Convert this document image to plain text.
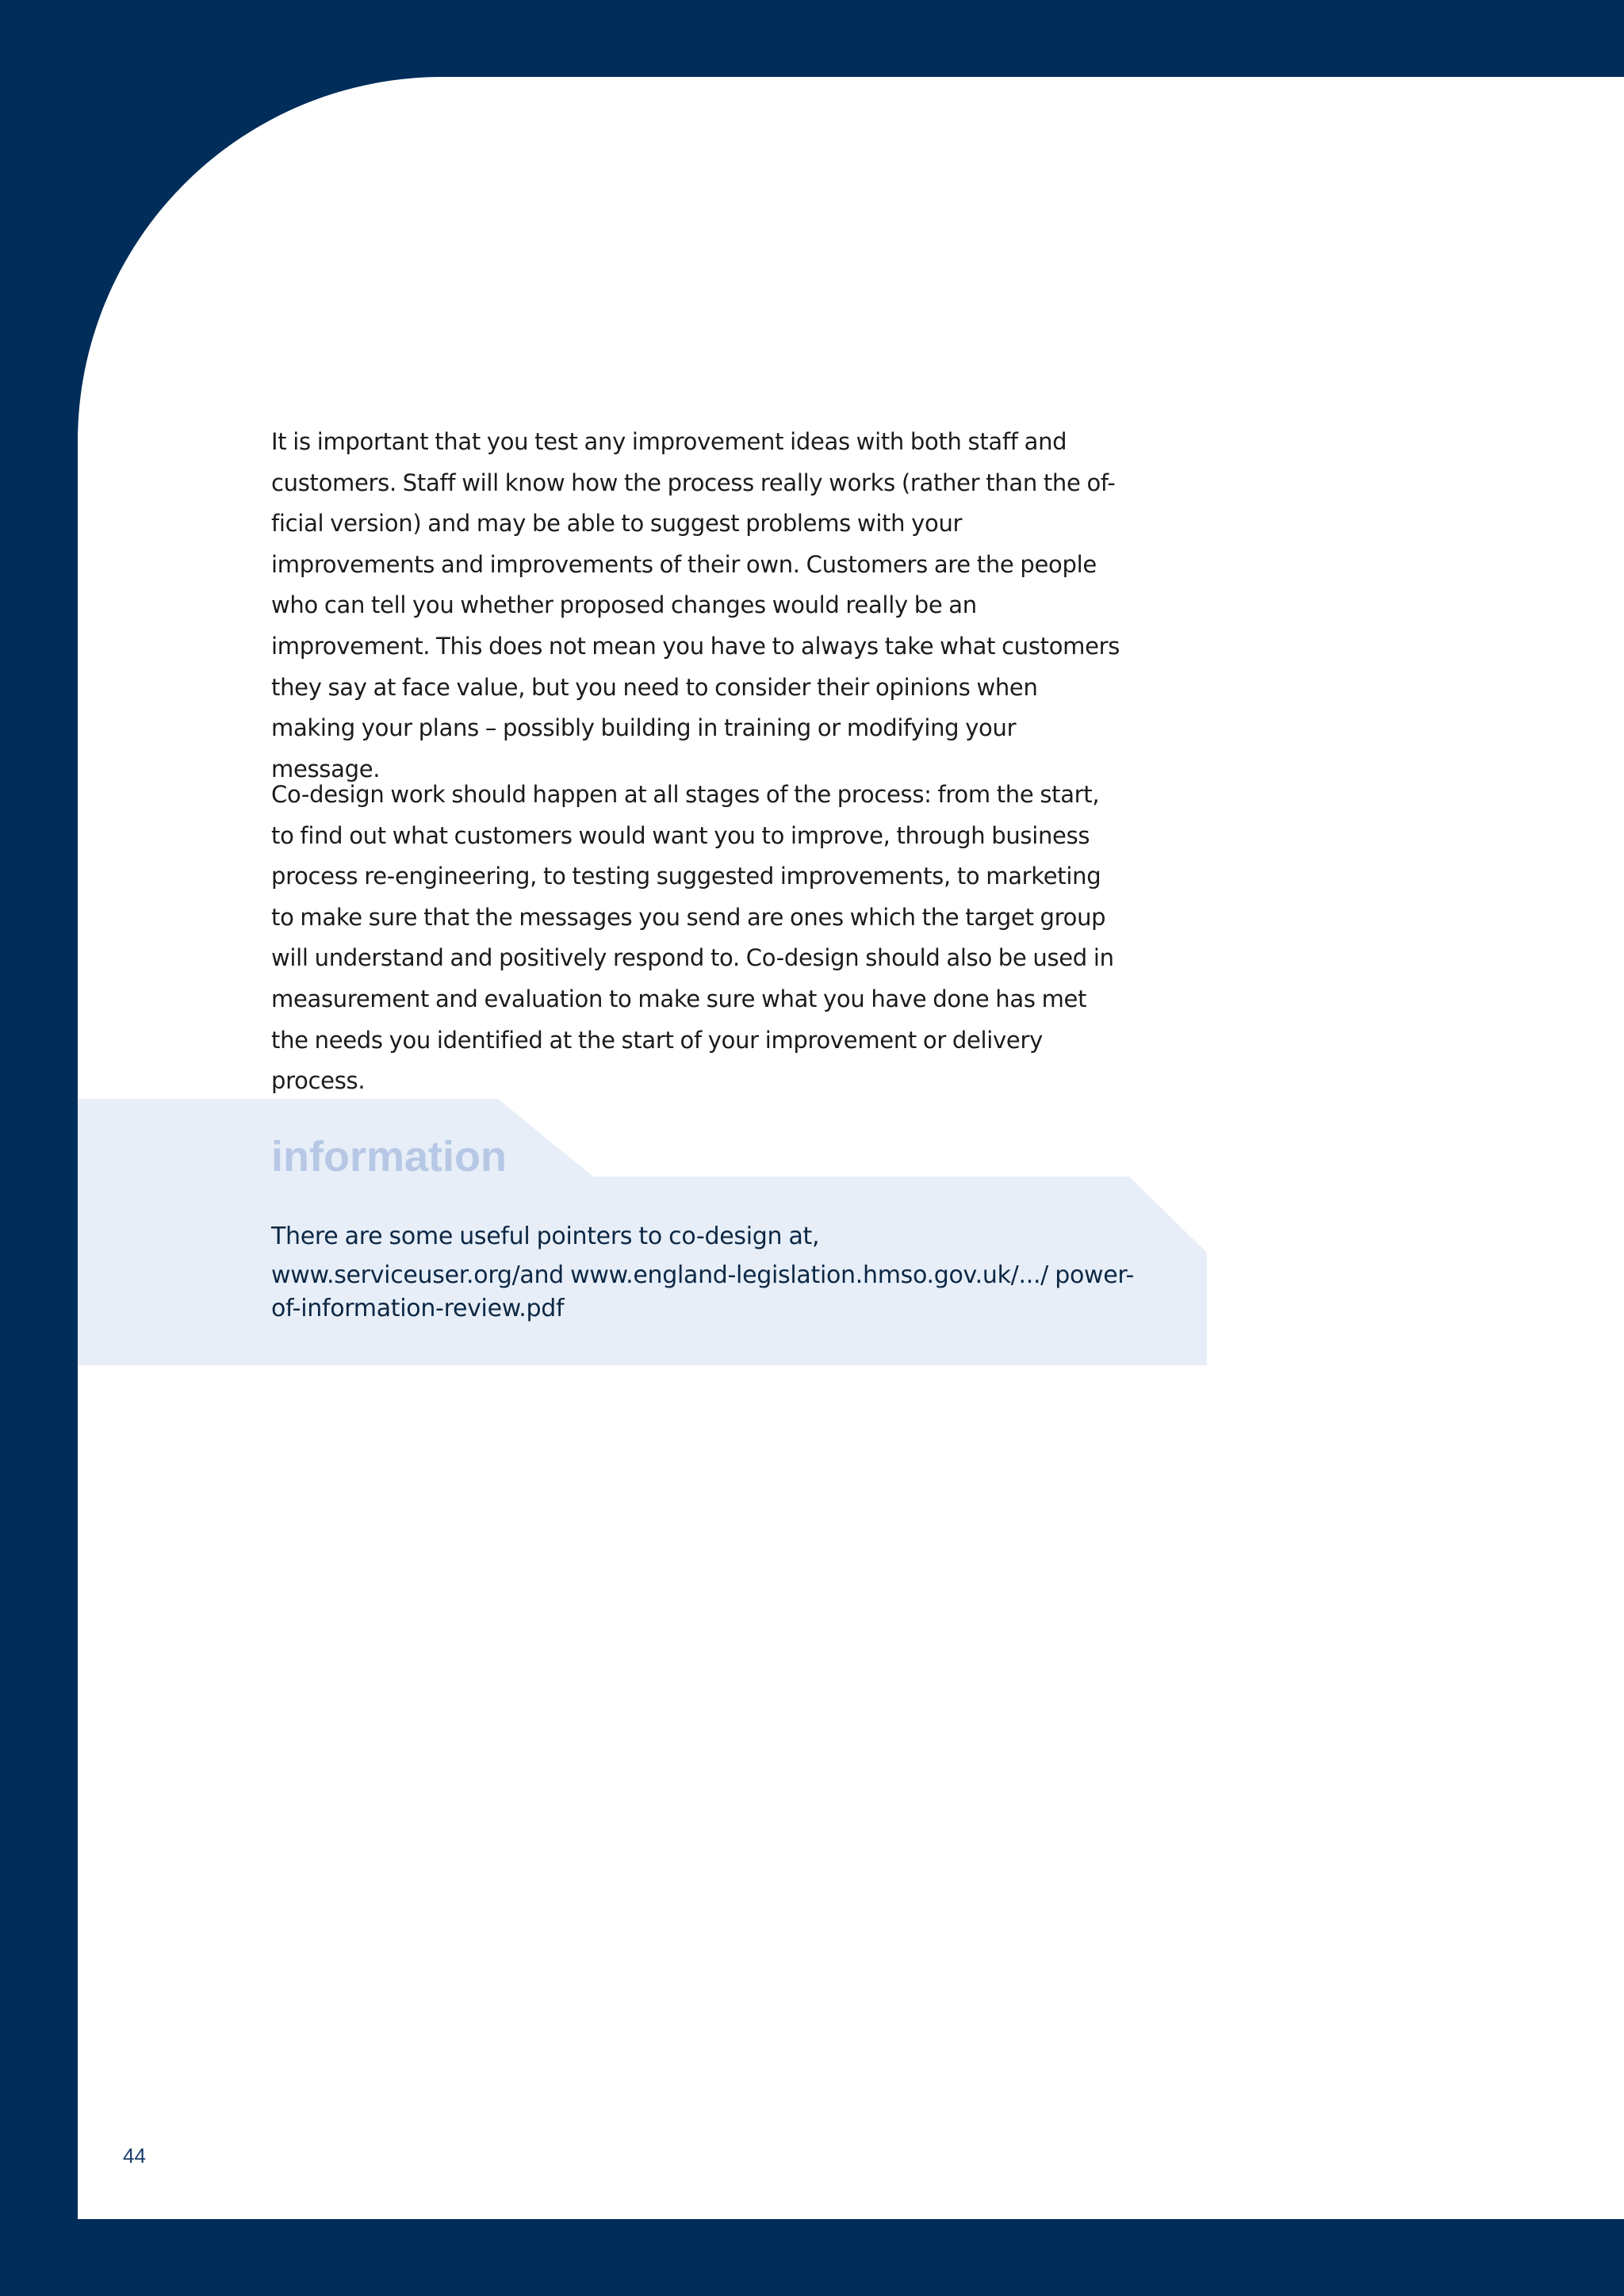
It is important that you test any improvement ideas with both staff and customers. Staff will know how the process really works (rather than the of-ficial version) and may be able to suggest problems with your improvements and improvements of their own. Customers are the people who can tell you whether proposed changes would really be an improvement. This does not mean you have to always take what customers they say at face value, but you need to consider their opinions when making your plans – possibly building in training or modifying your message.

Co-design work should happen at all stages of the process: from the start, to find out what customers would want you to improve, through business process re-engineering, to testing suggested improvements, to marketing to make sure that the messages you send are ones which the target group will understand and positively respond to. Co-design should also be used in measurement and evaluation to make sure what you have done has met the needs you identified at the start of your improvement or delivery process.

information

There are some useful pointers to co-design at,

www.serviceuser.org/and www.england-legislation.hmso.gov.uk/.../ power-of-information-review.pdf

44
